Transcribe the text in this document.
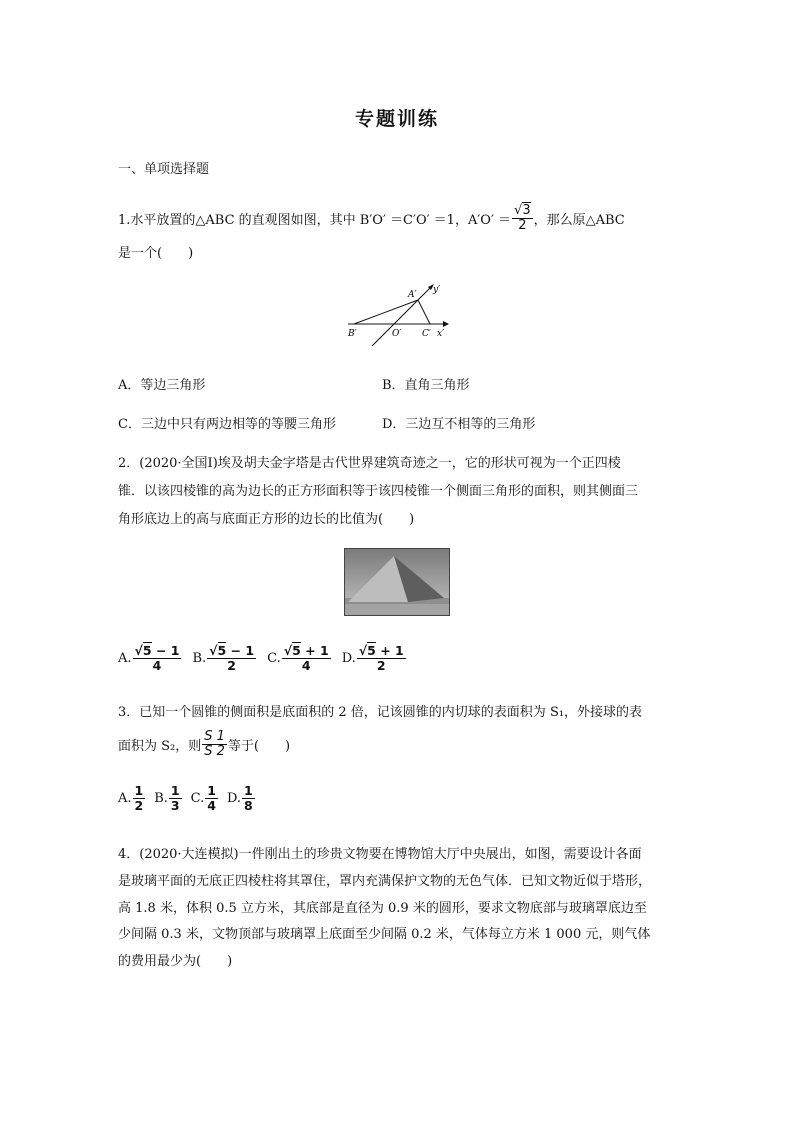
专题训练
一、单项选择题
1.水平放置的△ABC 的直观图如图，其中 B′O′ ＝C′O′ ＝1，$A'O' = \frac{√3}{2}$ ，那么原△ABC
是一个(　　)
A′
B′	O′ C′ x′
y′
A．等边三角形	B．直角三角形
C．三边中只有两边相等的等腰三角形	D．三边互不相等的三角形
2．(2020·全国Ⅰ)埃及胡夫金字塔是古代世界建筑奇迹之一，它的形状可视为一个正四棱
锥．以该四棱锥的高为边长的正方形面积等于该四棱锥一个侧面三角形的面积，则其侧面三
角形底边上的高与底面正方形的边长的比值为(　　)
A. $\frac{√5 - 1}{4} B$. $\frac{√5 - 1}{2} C$. $\frac{√5 + 1}{4} D$. $\frac{√5 + 1}{2}$
3．已知一个圆锥的侧面积是底面积的 2 倍，记该圆锥的内切球的表面积为 S₁，外接球的表
面积为 S₂，则 $\frac{S 1}{S 2}$ 等于(　　)
A. $\frac{1}{2} B$. $\frac{1}{3} C$. $\frac{1}{4} D$. $\frac{1}{8}$
4．(2020·大连模拟)一件刚出土的珍贵文物要在博物馆大厅中央展出，如图，需要设计各面
是玻璃平面的无底正四棱柱将其罩住，罩内充满保护文物的无色气体．已知文物近似于塔形，
高 1.8 米，体积 0.5 立方米，其底部是直径为 0.9 米的圆形，要求文物底部与玻璃罩底边至
少间隔 0.3 米，文物顶部与玻璃罩上底面至少间隔 0.2 米，气体每立方米 1 000 元，则气体
的费用最少为(　　)
